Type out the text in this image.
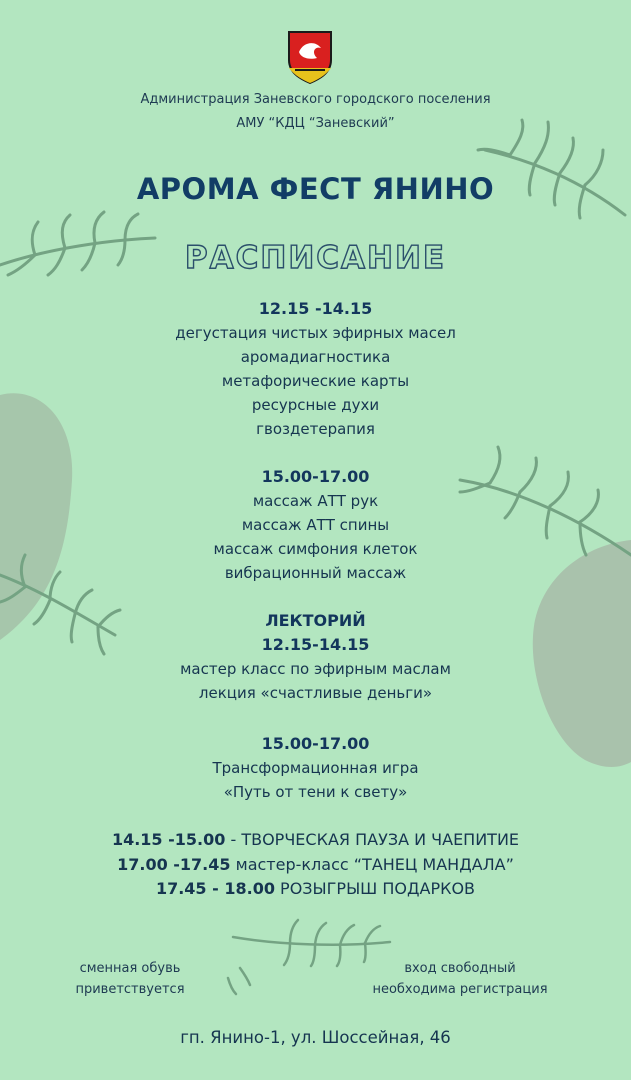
Администрация Заневского городского поселения
АМУ “КДЦ “Заневский”
АРОМА ФЕСТ ЯНИНО
РАСПИСАНИЕ
12.15 -14.15
дегустация чистых эфирных масел
аромадиагностика
метафорические карты
ресурсные духи
гвоздетерапия
15.00-17.00
массаж АТТ рук
массаж АТТ спины
массаж симфония клеток
вибрационный массаж
ЛЕКТОРИЙ
12.15-14.15
мастер класс по эфирным маслам
лекция «счастливые деньги»
15.00-17.00
Трансформационная игра
«Путь от тени к свету»
14.15 -15.00 - ТВОРЧЕСКАЯ ПАУЗА И ЧАЕПИТИЕ
17.00 -17.45 мастер-класс “ТАНЕЦ МАНДАЛА”
17.45 - 18.00 РОЗЫГРЫШ ПОДАРКОВ
сменная обувь
приветствуется
вход свободный
необходима регистрация
гп. Янино-1, ул. Шоссейная, 46
